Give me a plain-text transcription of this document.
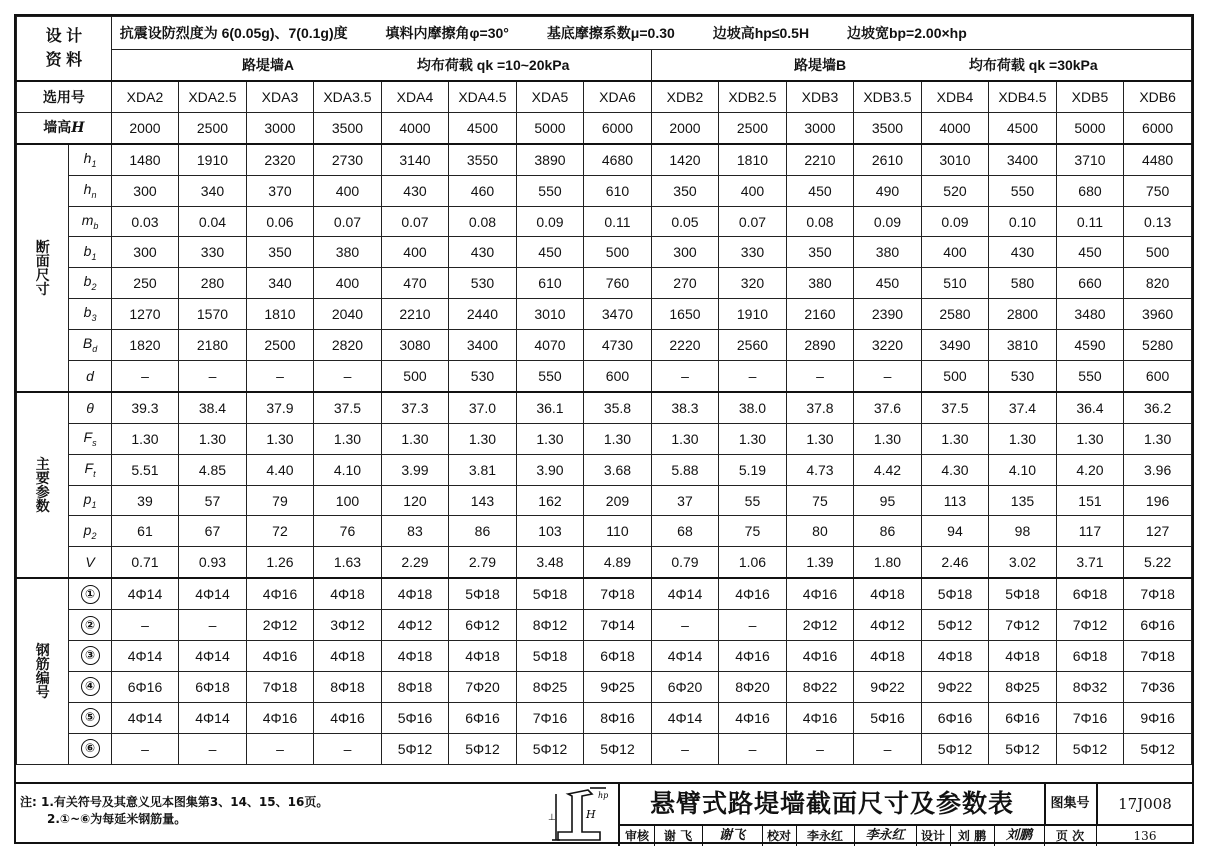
设 计
资 料		抗震设防烈度为 6(0.05g)、7(0.1g)度 填料内摩擦角φ=30° 基底摩擦系数μ=0.30 边坡高hp≤0.5H 边坡宽bp=2.00×hp															
		路堤墙A 均布荷载 qk =10~20kPa								路堤墙B 均布荷载 qk =30kPa							
选用号		XDA2	XDA2.5	XDA3	XDA3.5	XDA4	XDA4.5	XDA5	XDA6	XDB2	XDB2.5	XDB3	XDB3.5	XDB4	XDB4.5	XDB5	XDB6
墙高H		2000	2500	3000	3500	4000	4500	5000	6000	2000	2500	3000	3500	4000	4500	5000	6000
断
面
尺
寸	$h_1$	1480	1910	2320	2730	3140	3550	3890	4680	1420	1810	2210	2610	3010	3400	3710	4480
	$h_n$	300	340	370	400	430	460	550	610	350	400	450	490	520	550	680	750
	$m_b$	0.03	0.04	0.06	0.07	0.07	0.08	0.09	0.11	0.05	0.07	0.08	0.09	0.09	0.10	0.11	0.13
	$b_1$	300	330	350	380	400	430	450	500	300	330	350	380	400	430	450	500
	$b_2$	250	280	340	400	470	530	610	760	270	320	380	450	510	580	660	820
	$b_3$	1270	1570	1810	2040	2210	2440	3010	3470	1650	1910	2160	2390	2580	2800	3480	3960
	$B_d$	1820	2180	2500	2820	3080	3400	4070	4730	2220	2560	2890	3220	3490	3810	4590	5280
	d	–	–	–	–	500	530	550	600	–	–	–	–	500	530	550	600
主
要
参
数	θ	39.3	38.4	37.9	37.5	37.3	37.0	36.1	35.8	38.3	38.0	37.8	37.6	37.5	37.4	36.4	36.2
	$F_s$	1.30	1.30	1.30	1.30	1.30	1.30	1.30	1.30	1.30	1.30	1.30	1.30	1.30	1.30	1.30	1.30
	$F_t$	5.51	4.85	4.40	4.10	3.99	3.81	3.90	3.68	5.88	5.19	4.73	4.42	4.30	4.10	4.20	3.96
	$p_1$	39	57	79	100	120	143	162	209	37	55	75	95	113	135	151	196
	$p_2$	61	67	72	76	83	86	103	110	68	75	80	86	94	98	117	127
	V	0.71	0.93	1.26	1.63	2.29	2.79	3.48	4.89	0.79	1.06	1.39	1.80	2.46	3.02	3.71	5.22
钢
筋
编
号	①	4Φ14	4Φ14	4Φ16	4Φ18	4Φ18	5Φ18	5Φ18	7Φ18	4Φ14	4Φ16	4Φ16	4Φ18	5Φ18	5Φ18	6Φ18	7Φ18
	②	–	–	2Φ12	3Φ12	4Φ12	6Φ12	8Φ12	7Φ14	–	–	2Φ12	4Φ12	5Φ12	7Φ12	7Φ12	6Φ16
	③	4Φ14	4Φ14	4Φ16	4Φ18	4Φ18	4Φ18	5Φ18	6Φ18	4Φ14	4Φ16	4Φ16	4Φ18	4Φ18	4Φ18	6Φ18	7Φ18
	④	6Φ16	6Φ18	7Φ18	8Φ18	8Φ18	7Φ20	8Φ25	9Φ25	6Φ20	8Φ20	8Φ22	9Φ22	9Φ22	8Φ25	8Φ32	7Φ36
	⑤	4Φ14	4Φ14	4Φ16	4Φ16	5Φ16	6Φ16	7Φ16	8Φ16	4Φ14	4Φ16	4Φ16	5Φ16	6Φ16	6Φ16	7Φ16	9Φ16
	⑥	–	–	–	–	5Φ12	5Φ12	5Φ12	5Φ12	–	–	–	–	5Φ12	5Φ12	5Φ12	5Φ12
注: 1.有关符号及其意义见本图集第3、14、15、16页。
2.①~⑥为每延米钢筋量。	⊥	H
hp	悬臂式路堤墙截面尺寸及参数表	图集号	17J008
审核	谢 飞	谢飞	校对	李永红	李永红	设计	刘 鹏	刘鹏	页 次	136
